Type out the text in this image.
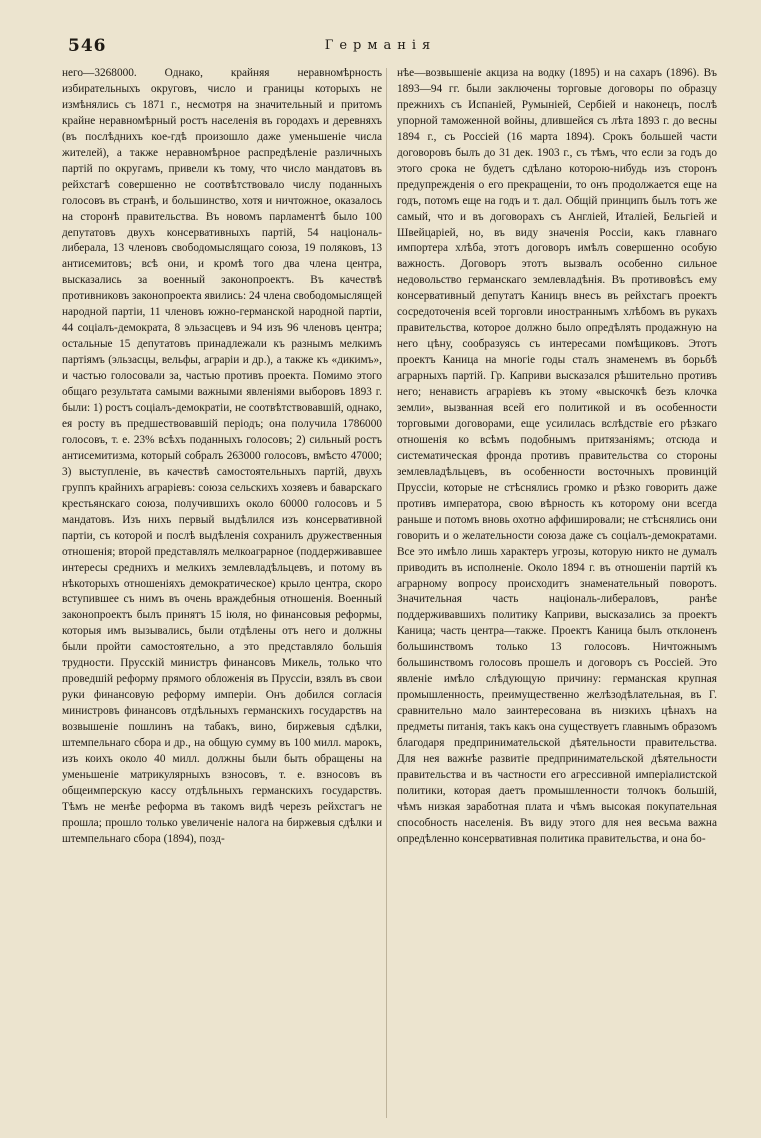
546	Германія

него—3268000. Однако, крайняя неравномѣрность избирательныхъ округовъ, число и границы которыхъ не измѣнялись съ 1871 г., несмотря на значительный и притомъ крайне неравномѣрный ростъ населенія въ городахъ и деревняхъ (въ послѣднихъ кое-гдѣ произошло даже уменьшеніе числа жителей), а также неравномѣрное распредѣленіе различныхъ партій по округамъ, привели къ тому, что число мандатовъ въ рейхстагѣ совершенно не соотвѣтствовало числу поданныхъ голосовъ въ странѣ, и большинство, хотя и ничтожное, оказалось на сторонѣ правительства. Въ новомъ парламентѣ было 100 депутатовъ двухъ консервативныхъ партій, 54 національ-либерала, 13 членовъ свободомыслящаго союза, 19 поляковъ, 13 антисемитовъ; всѣ они, и кромѣ того два члена центра, высказались за военный законопроектъ. Въ качествѣ противниковъ законопроекта явились: 24 члена свободомыслящей народной партіи, 11 членовъ южно-германской народной партіи, 44 соціалъ-демократа, 8 эльзасцевъ и 94 изъ 96 членовъ центра; остальные 15 депутатовъ принадлежали къ разнымъ мелкимъ партіямъ (эльзасцы, вельфы, аграріи и др.), а также къ «дикимъ», и частью голосовали за, частью противъ проекта. Помимо этого общаго результата самыми важными явленіями выборовъ 1893 г. были: 1) ростъ соціалъ-демократіи, не соотвѣтствовавшій, однако, ея росту въ предшествовавшій періодъ; она получила 1786000 голосовъ, т. е. 23% всѣхъ поданныхъ голосовъ; 2) сильный ростъ антисемитизма, который собралъ 263000 голосовъ, вмѣсто 47000; 3) выступленіе, въ качествѣ самостоятельныхъ партій, двухъ группъ крайнихъ аграріевъ: союза сельскихъ хозяевъ и баварскаго крестьянскаго союза, получившихъ около 60000 голосовъ и 5 мандатовъ. Изъ нихъ первый выдѣлился изъ консервативной партіи, съ которой и послѣ выдѣленія сохранилъ дружественныя отношенія; второй представлялъ мелкоаграрное (поддерживавшее интересы среднихъ и мелкихъ землевладѣльцевъ, и потому въ нѣкоторыхъ отношеніяхъ демократическое) крыло центра, скоро вступившее съ нимъ въ очень враждебныя отношенія. Военный законопроектъ былъ принятъ 15 іюля, но финансовыя реформы, которыя имъ вызывались, были отдѣлены отъ него и должны были пройти самостоятельно, а это представляло большія трудности. Прусскій министръ финансовъ Микель, только что проведшій реформу прямого обложенія въ Пруссіи, взялъ въ свои руки финансовую реформу имперіи. Онъ добился согласія министровъ финансовъ отдѣльныхъ германскихъ государствъ на возвышеніе пошлинъ на табакъ, вино, биржевыя сдѣлки, штемпельнаго сбора и др., на общую сумму въ 100 милл. марокъ, изъ коихъ около 40 милл. должны были быть обращены на уменьшеніе матрикулярныхъ взносовъ, т. е. взносовъ въ общеимперскую кассу отдѣльныхъ германскихъ государствъ. Тѣмъ не менѣе реформа въ такомъ видѣ черезъ рейхстагъ не прошла; прошло только увеличеніе налога на биржевыя сдѣлки и штемпельнаго сбора (1894), позд-

нѣе—возвышеніе акциза на водку (1895) и на сахаръ (1896). Въ 1893—94 гг. были заключены торговые договоры по образцу прежнихъ съ Испаніей, Румыніей, Сербіей и наконецъ, послѣ упорной таможенной войны, длившейся съ лѣта 1893 г. до весны 1894 г., съ Россіей (16 марта 1894). Срокъ большей части договоровъ былъ до 31 дек. 1903 г., съ тѣмъ, что если за годъ до этого срока не будетъ сдѣлано которою-нибудь изъ сторонъ предупрежденія о его прекращеніи, то онъ продолжается еще на годъ, потомъ еще на годъ и т. дал. Общій принципъ былъ тотъ же самый, что и въ договорахъ съ Англіей, Италіей, Бельгіей и Швейцаріей, но, въ виду значенія Россіи, какъ главнаго импортера хлѣба, этотъ договоръ имѣлъ совершенно особую важность. Договоръ этотъ вызвалъ особенно сильное недовольство германскаго землевладѣнія. Въ противовѣсъ ему консервативный депутатъ Каницъ внесъ въ рейхстагъ проектъ сосредоточенія всей торговли иностраннымъ хлѣбомъ въ рукахъ правительства, которое должно было опредѣлять продажную на него цѣну, сообразуясь съ интересами помѣщиковъ. Этотъ проектъ Каница на многіе годы сталъ знаменемъ въ борьбѣ аграрныхъ партій. Гр. Каприви высказался рѣшительно противъ него; ненависть аграріевъ къ этому «выскочкѣ безъ клочка земли», вызванная всей его политикой и въ особенности торговыми договорами, еще усилилась вслѣдствіе его рѣзкаго отношенія ко всѣмъ подобнымъ притязаніямъ; отсюда и систематическая фронда противъ правительства со стороны землевладѣльцевъ, въ особенности восточныхъ провинцій Пруссіи, которые не стѣснялись громко и рѣзко говорить даже противъ императора, свою вѣрность къ которому они всегда раньше и потомъ вновь охотно аффишировали; не стѣснялись они говорить и о желательности союза даже съ соціалъ-демократами. Все это имѣло лишь характеръ угрозы, которую никто не думалъ приводить въ исполненіе. Около 1894 г. въ отношеніи партій къ аграрному вопросу происходитъ знаменательный поворотъ. Значительная часть національ-либераловъ, ранѣе поддерживавшихъ политику Каприви, высказались за проектъ Каница; часть центра—также. Проектъ Каница былъ отклоненъ большинствомъ только 13 голосовъ. Ничтожнымъ большинствомъ голосовъ прошелъ и договоръ съ Россіей. Это явленіе имѣло слѣдующую причину: германская крупная промышленность, преимущественно желѣзодѣлательная, въ Г. сравнительно мало заинтересована въ низкихъ цѣнахъ на предметы питанія, такъ какъ она существуетъ главнымъ образомъ благодаря предпринимательской дѣятельности правительства. Для нея важнѣе развитіе предпринимательской дѣятельности правительства и въ частности его агрессивной имперіалистской политики, которая даетъ промышленности толчокъ большій, чѣмъ низкая заработная плата и чѣмъ высокая покупательная способность населенія. Въ виду этого для нея весьма важна опредѣленно консервативная политика правительства, и она бо-
